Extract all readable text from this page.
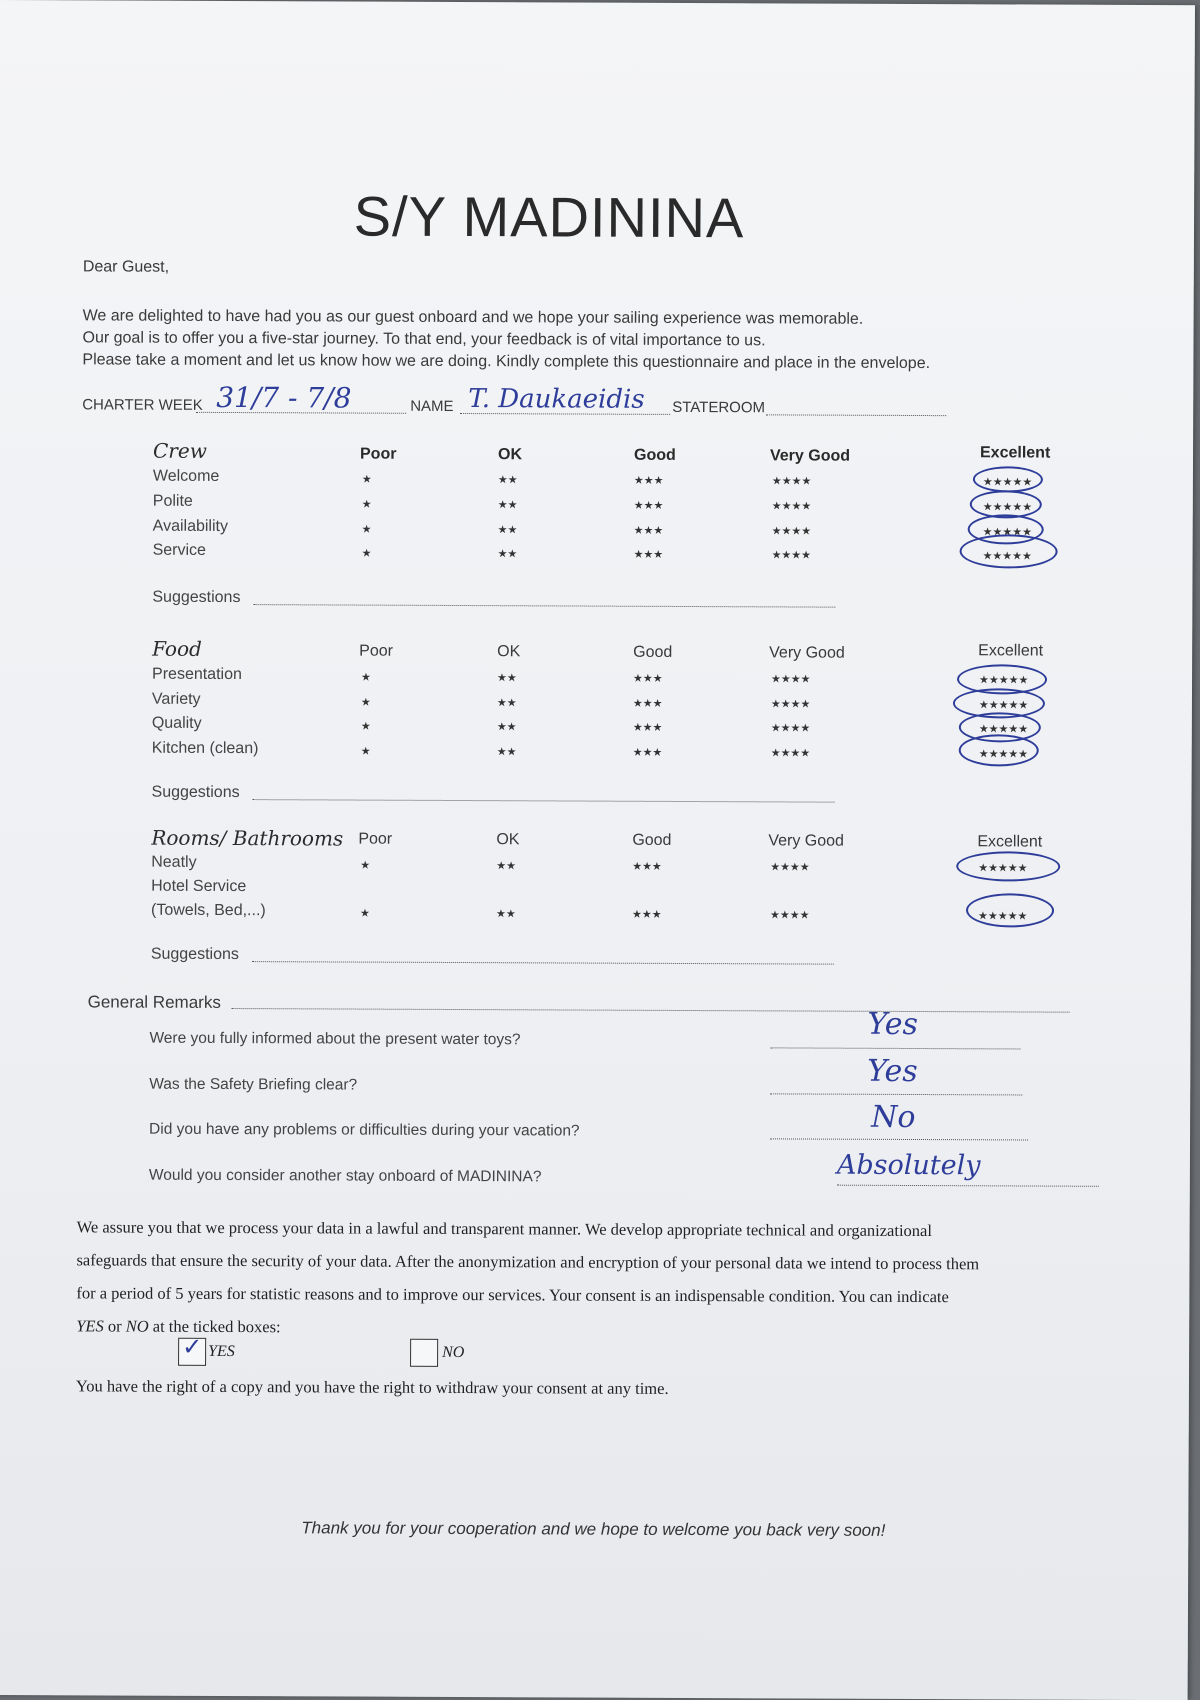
S/Y MADININA
Dear Guest,
We are delighted to have had you as our guest onboard and we hope your sailing experience was memorable.
Our goal is to offer you a five-star journey. To that end, your feedback is of vital importance to us.
Please take a moment and let us know how we are doing. Kindly complete this questionnaire and place in the envelope.
CHARTER WEEK 31/7 - 7/8	NAME T. Daukaeidis STATEROOM
Crew	Poor	OK	Good	Very Good	Excellent
Welcome	★	★★	★★★	★★★★	★★★★★
Polite	★	★★	★★★	★★★★	★★★★★
Availability	★	★★	★★★	★★★★	★★★★★
Service	★	★★	★★★	★★★★	★★★★★
Suggestions
Food	Poor	OK	Good	Very Good	Excellent
Presentation	★	★★	★★★	★★★★	★★★★★
Variety	★	★★	★★★	★★★★	★★★★★
Quality	★	★★	★★★	★★★★	★★★★★
Kitchen (clean)	★	★★	★★★	★★★★	★★★★★
Suggestions
Rooms/ Bathrooms Poor	OK	Good	Very Good	Excellent
Neatly	★	★★	★★★	★★★★	★★★★★
Hotel Service
(Towels, Bed,...)	★	★★	★★★	★★★★	★★★★★
Suggestions
General Remarks
Were you fully informed about the present water toys?	Yes
Was the Safety Briefing clear?	Yes
Did you have any problems or difficulties during your vacation?	No
Would you consider another stay onboard of MADININA?	Absolutely
We assure you that we process your data in a lawful and transparent manner. We develop appropriate technical and organizational
safeguards that ensure the security of your data. After the anonymization and encryption of your personal data we intend to process them
for a period of 5 years for statistic reasons and to improve our services. Your consent is an indispensable condition. You can indicate
YES or NO at the ticked boxes:
✓ YES	NO
You have the right of a copy and you have the right to withdraw your consent at any time.
Thank you for your cooperation and we hope to welcome you back very soon!
